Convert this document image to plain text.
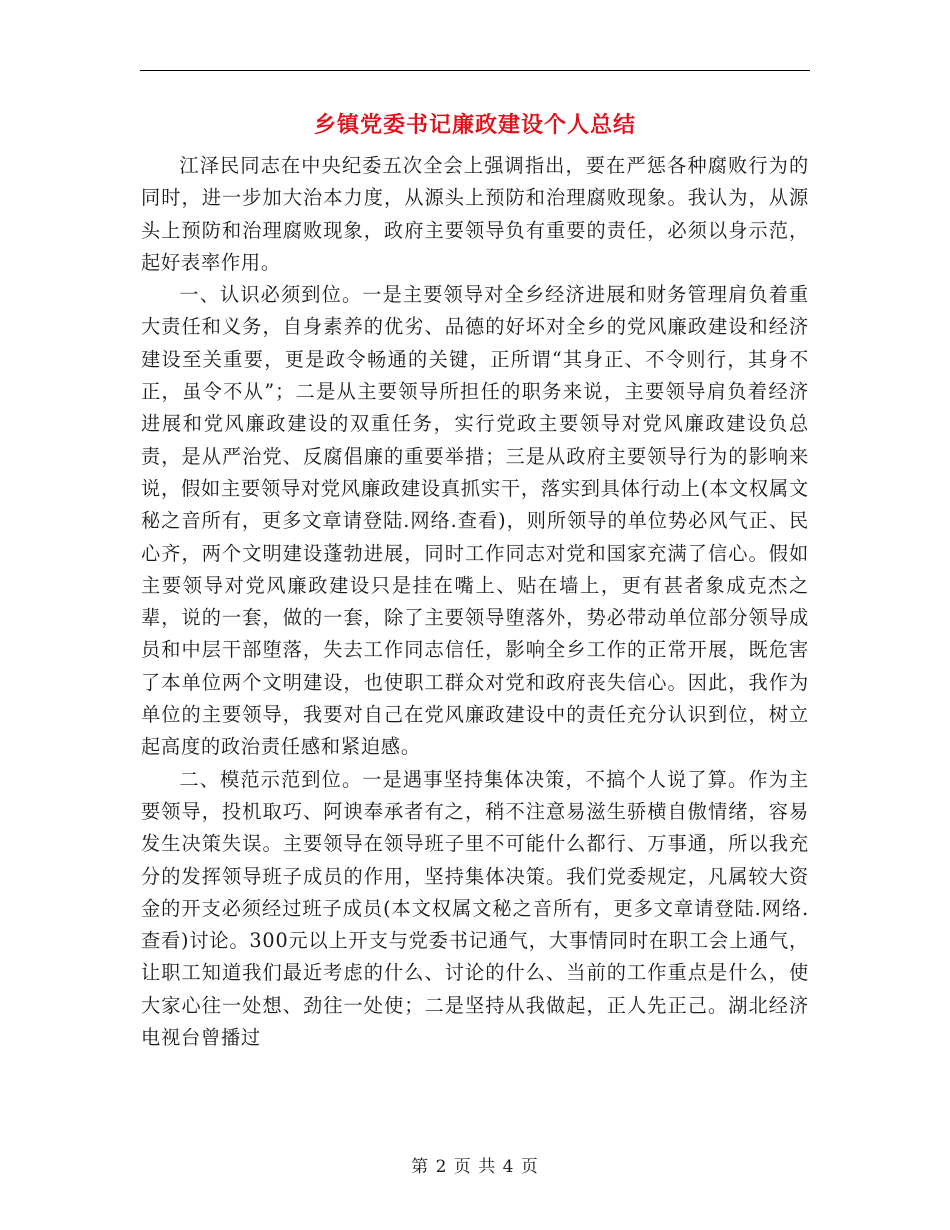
乡镇党委书记廉政建设个人总结

江泽民同志在中央纪委五次全会上强调指出，要在严惩各种腐败行为的同时，进一步加大治本力度，从源头上预防和治理腐败现象。我认为，从源头上预防和治理腐败现象，政府主要领导负有重要的责任，必须以身示范，起好表率作用。

一、认识必须到位。一是主要领导对全乡经济进展和财务管理肩负着重大责任和义务，自身素养的优劣、品德的好坏对全乡的党风廉政建设和经济建设至关重要，更是政令畅通的关键，正所谓“其身正、不令则行，其身不正，虽令不从”；二是从主要领导所担任的职务来说，主要领导肩负着经济进展和党风廉政建设的双重任务，实行党政主要领导对党风廉政建设负总责，是从严治党、反腐倡廉的重要举措；三是从政府主要领导行为的影响来说，假如主要领导对党风廉政建设真抓实干，落实到具体行动上(本文权属文秘之音所有，更多文章请登陆.网络.查看)，则所领导的单位势必风气正、民心齐，两个文明建设蓬勃进展，同时工作同志对党和国家充满了信心。假如主要领导对党风廉政建设只是挂在嘴上、贴在墙上，更有甚者象成克杰之辈，说的一套，做的一套，除了主要领导堕落外，势必带动单位部分领导成员和中层干部堕落，失去工作同志信任，影响全乡工作的正常开展，既危害了本单位两个文明建设，也使职工群众对党和政府丧失信心。因此，我作为单位的主要领导，我要对自己在党风廉政建设中的责任充分认识到位，树立起高度的政治责任感和紧迫感。

二、模范示范到位。一是遇事坚持集体决策，不搞个人说了算。作为主要领导，投机取巧、阿谀奉承者有之，稍不注意易滋生骄横自傲情绪，容易发生决策失误。主要领导在领导班子里不可能什么都行、万事通，所以我充分的发挥领导班子成员的作用，坚持集体决策。我们党委规定，凡属较大资金的开支必须经过班子成员(本文权属文秘之音所有，更多文章请登陆.网络.查看)讨论。300元以上开支与党委书记通气，大事情同时在职工会上通气，让职工知道我们最近考虑的什么、讨论的什么、当前的工作重点是什么，使大家心往一处想、劲往一处使；二是坚持从我做起，正人先正己。湖北经济电视台曾播过

第 2 页 共 4 页
